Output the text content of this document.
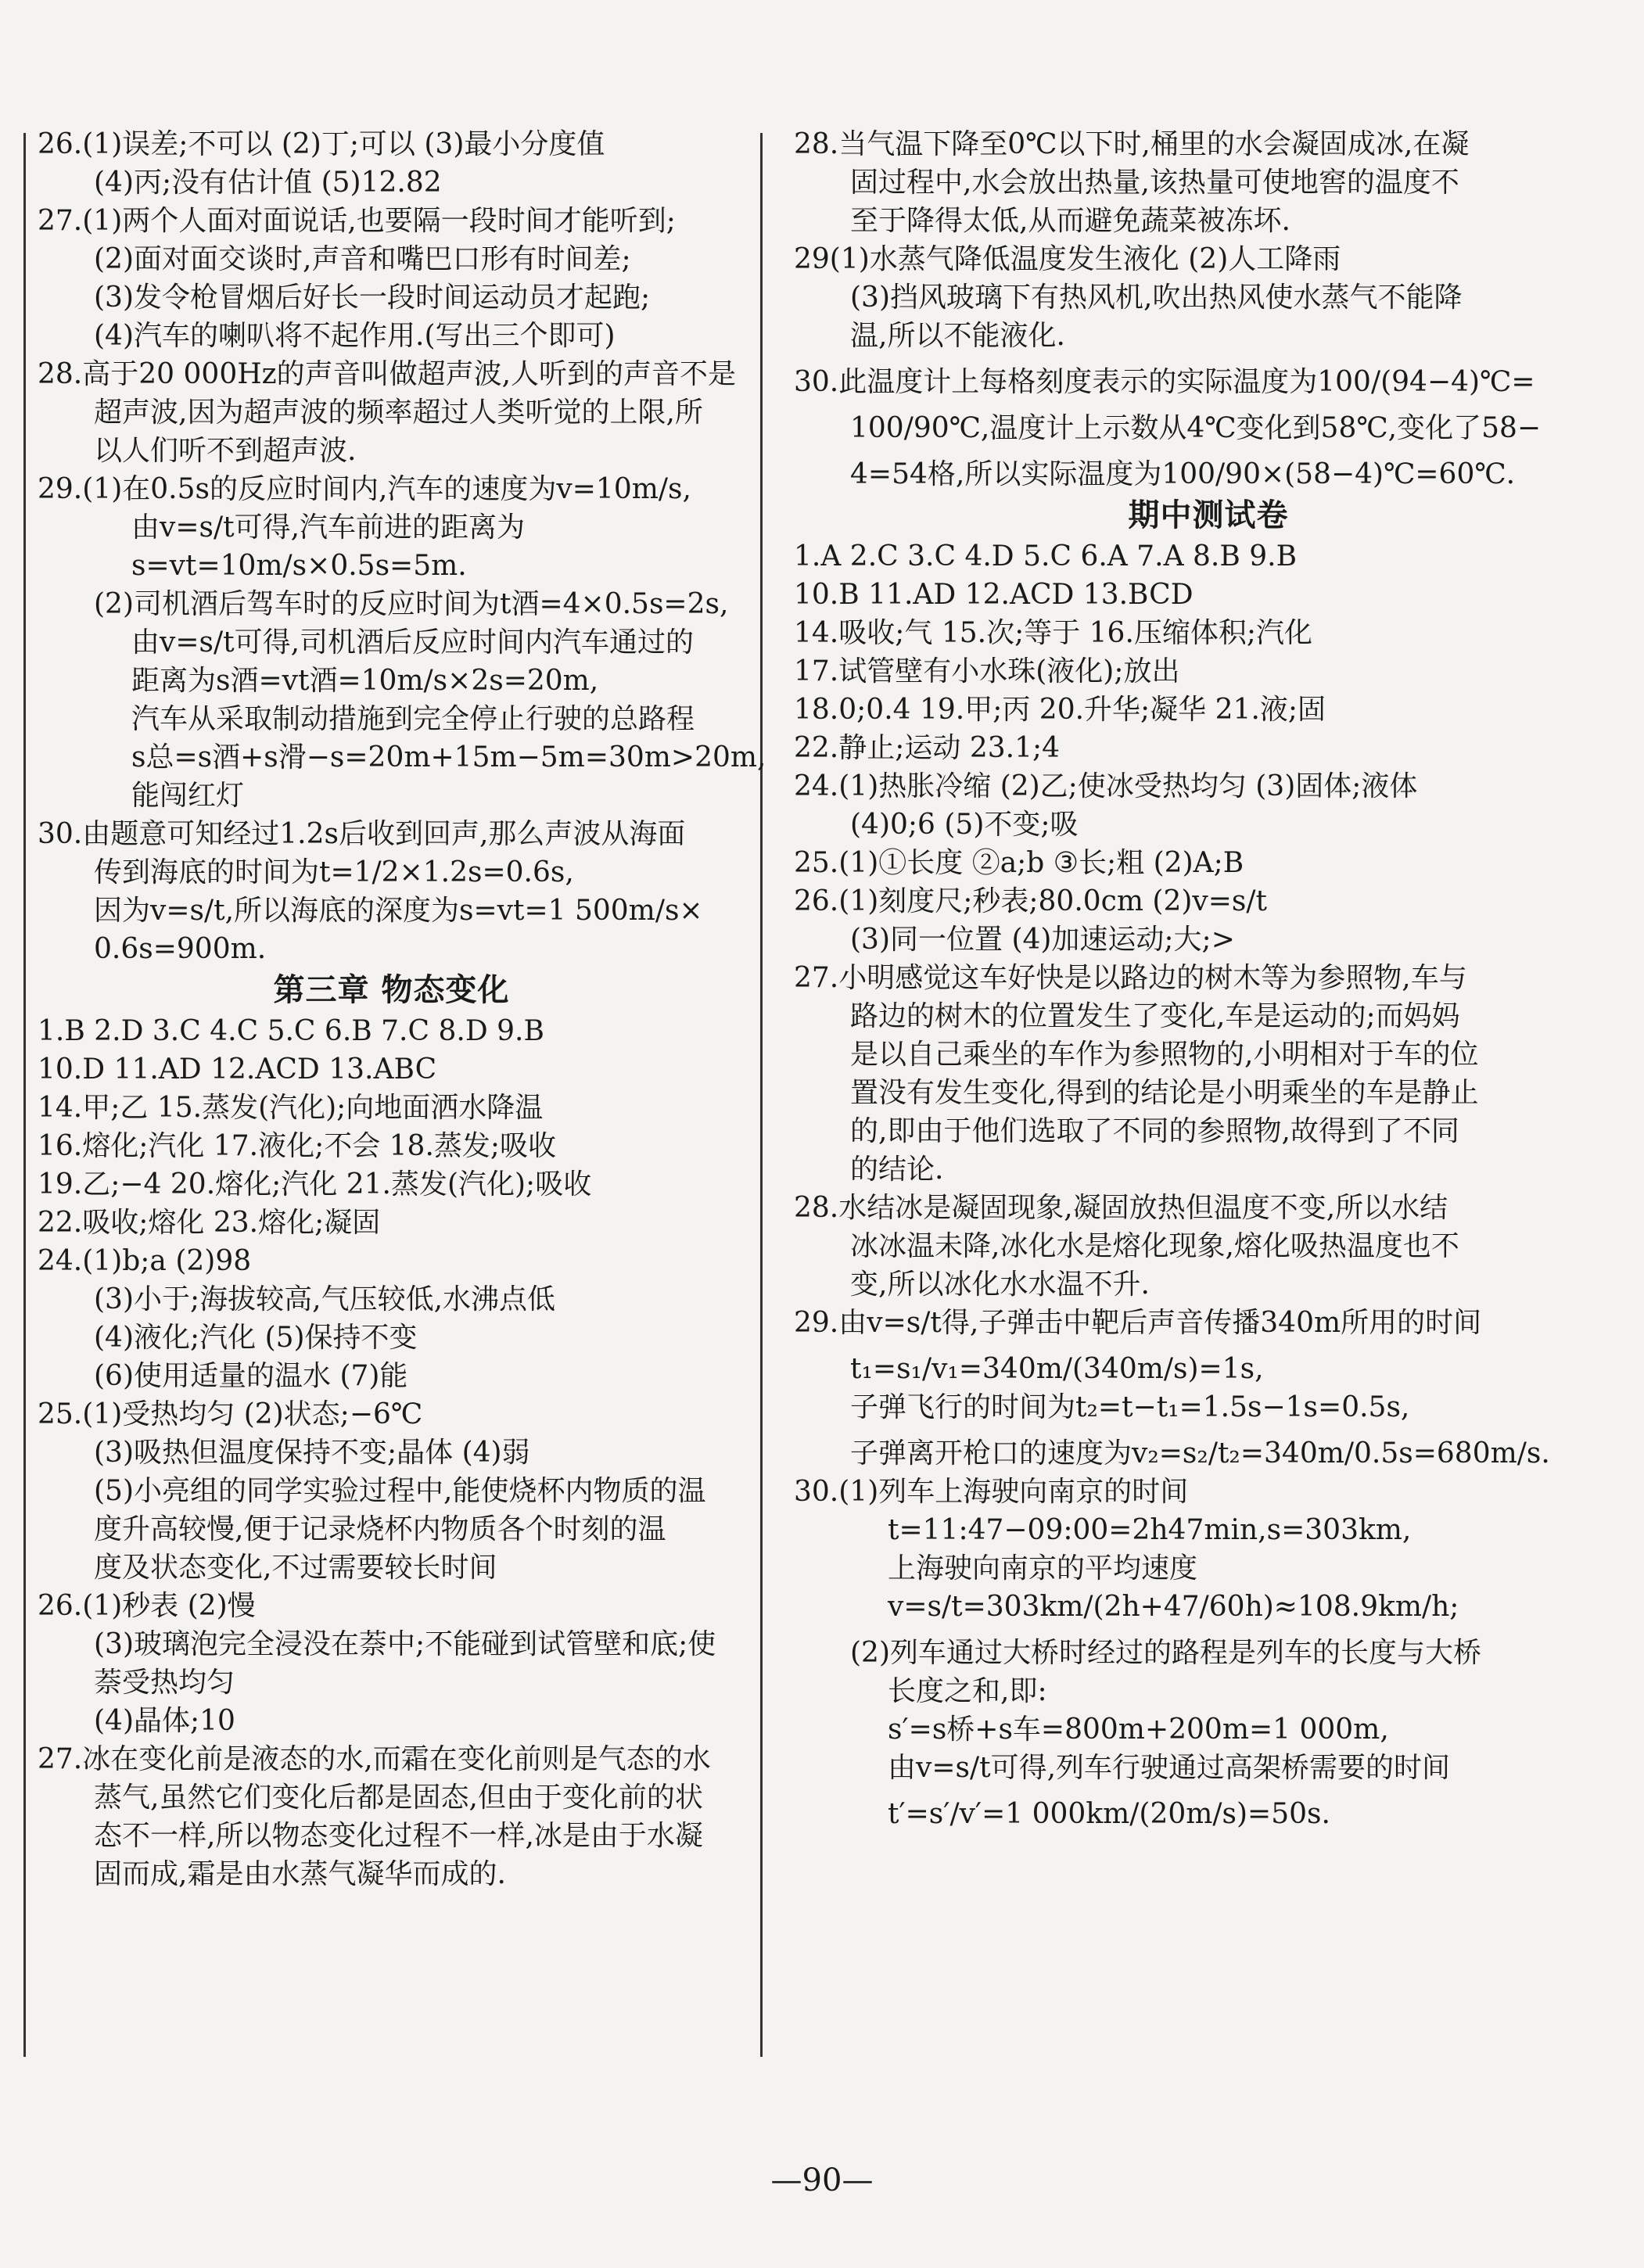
26.(1)误差;不可以 (2)丁;可以 (3)最小分度值
(4)丙;没有估计值 (5)12.82
27.(1)两个人面对面说话,也要隔一段时间才能听到;
(2)面对面交谈时,声音和嘴巴口形有时间差;
(3)发令枪冒烟后好长一段时间运动员才起跑;
(4)汽车的喇叭将不起作用.(写出三个即可)
28.高于20 000Hz的声音叫做超声波,人听到的声音不是
超声波,因为超声波的频率超过人类听觉的上限,所
以人们听不到超声波.
29.(1)在0.5s的反应时间内,汽车的速度为v=10m/s,
由v=s/t可得,汽车前进的距离为
s=vt=10m/s×0.5s=5m.
(2)司机酒后驾车时的反应时间为t酒=4×0.5s=2s,
由v=s/t可得,司机酒后反应时间内汽车通过的
距离为s酒=vt酒=10m/s×2s=20m,
汽车从采取制动措施到完全停止行驶的总路程
s总=s酒+s滑−s=20m+15m−5m=30m>20m,
能闯红灯
30.由题意可知经过1.2s后收到回声,那么声波从海面
传到海底的时间为t=1/2×1.2s=0.6s,
因为v=s/t,所以海底的深度为s=vt=1 500m/s×
0.6s=900m.
第三章 物态变化
1.B 2.D 3.C 4.C 5.C 6.B 7.C 8.D 9.B
10.D 11.AD 12.ACD 13.ABC
14.甲;乙 15.蒸发(汽化);向地面洒水降温
16.熔化;汽化 17.液化;不会 18.蒸发;吸收
19.乙;−4 20.熔化;汽化 21.蒸发(汽化);吸收
22.吸收;熔化 23.熔化;凝固
24.(1)b;a (2)98
(3)小于;海拔较高,气压较低,水沸点低
(4)液化;汽化 (5)保持不变
(6)使用适量的温水 (7)能
25.(1)受热均匀 (2)状态;−6℃
(3)吸热但温度保持不变;晶体 (4)弱
(5)小亮组的同学实验过程中,能使烧杯内物质的温
度升高较慢,便于记录烧杯内物质各个时刻的温
度及状态变化,不过需要较长时间
26.(1)秒表 (2)慢
(3)玻璃泡完全浸没在萘中;不能碰到试管壁和底;使
萘受热均匀
(4)晶体;10
27.冰在变化前是液态的水,而霜在变化前则是气态的水
蒸气,虽然它们变化后都是固态,但由于变化前的状
态不一样,所以物态变化过程不一样,冰是由于水凝
固而成,霜是由水蒸气凝华而成的.
28.当气温下降至0℃以下时,桶里的水会凝固成冰,在凝
固过程中,水会放出热量,该热量可使地窖的温度不
至于降得太低,从而避免蔬菜被冻坏.
29(1)水蒸气降低温度发生液化 (2)人工降雨
(3)挡风玻璃下有热风机,吹出热风使水蒸气不能降
温,所以不能液化.
30.此温度计上每格刻度表示的实际温度为100/(94−4)℃=
100/90℃,温度计上示数从4℃变化到58℃,变化了58−
4=54格,所以实际温度为100/90×(58−4)℃=60℃.
期中测试卷
1.A 2.C 3.C 4.D 5.C 6.A 7.A 8.B 9.B
10.B 11.AD 12.ACD 13.BCD
14.吸收;气 15.次;等于 16.压缩体积;汽化
17.试管壁有小水珠(液化);放出
18.0;0.4 19.甲;丙 20.升华;凝华 21.液;固
22.静止;运动 23.1;4
24.(1)热胀冷缩 (2)乙;使冰受热均匀 (3)固体;液体
(4)0;6 (5)不变;吸
25.(1)①长度 ②a;b ③长;粗 (2)A;B
26.(1)刻度尺;秒表;80.0cm (2)v=s/t
(3)同一位置 (4)加速运动;大;>
27.小明感觉这车好快是以路边的树木等为参照物,车与
路边的树木的位置发生了变化,车是运动的;而妈妈
是以自己乘坐的车作为参照物的,小明相对于车的位
置没有发生变化,得到的结论是小明乘坐的车是静止
的,即由于他们选取了不同的参照物,故得到了不同
的结论.
28.水结冰是凝固现象,凝固放热但温度不变,所以水结
冰冰温未降,冰化水是熔化现象,熔化吸热温度也不
变,所以冰化水水温不升.
29.由v=s/t得,子弹击中靶后声音传播340m所用的时间
t₁=s₁/v₁=340m/(340m/s)=1s,
子弹飞行的时间为t₂=t−t₁=1.5s−1s=0.5s,
子弹离开枪口的速度为v₂=s₂/t₂=340m/0.5s=680m/s.
30.(1)列车上海驶向南京的时间
t=11:47−09:00=2h47min,s=303km,
上海驶向南京的平均速度
v=s/t=303km/(2h+47/60h)≈108.9km/h;
(2)列车通过大桥时经过的路程是列车的长度与大桥
长度之和,即:
s′=s桥+s车=800m+200m=1 000m,
由v=s/t可得,列车行驶通过高架桥需要的时间
t′=s′/v′=1 000km/(20m/s)=50s.
—90—
